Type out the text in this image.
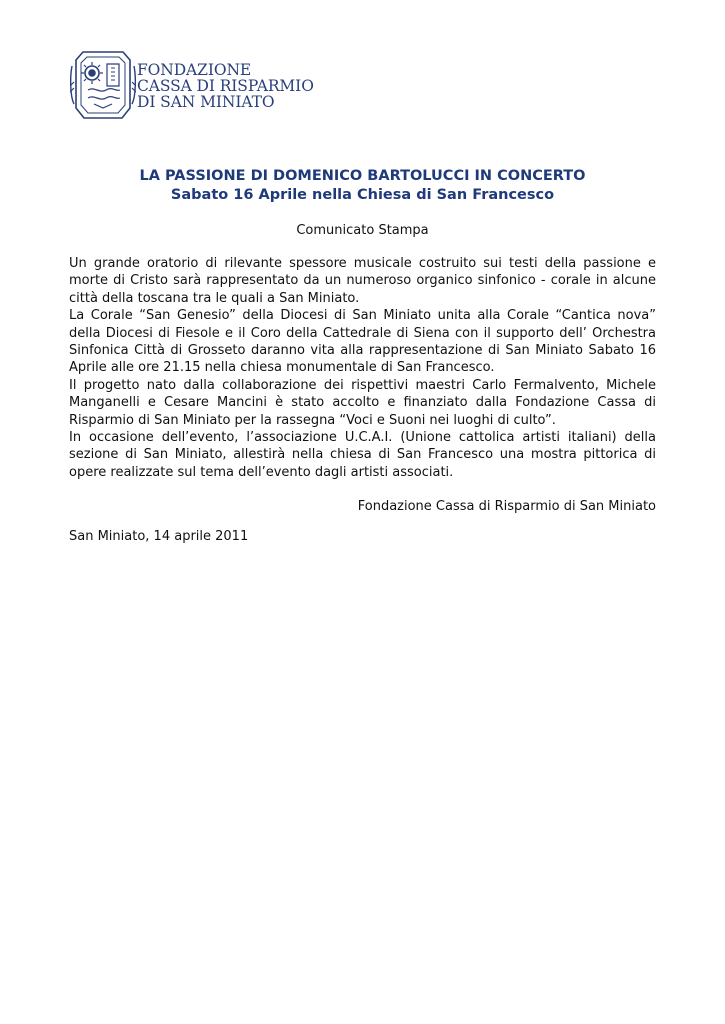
FONDAZIONE
CASSA DI RISPARMIO
DI SAN MINIATO
LA PASSIONE DI DOMENICO BARTOLUCCI IN CONCERTO
Sabato 16 Aprile nella Chiesa di San Francesco
Comunicato Stampa

Un grande oratorio di rilevante spessore musicale costruito sui testi della passione e morte di Cristo sarà rappresentato da un numeroso organico sinfonico - corale in alcune città della toscana tra le quali a San Miniato.

La Corale “San Genesio” della Diocesi di San Miniato unita alla Corale “Cantica nova” della Diocesi di Fiesole e il Coro della Cattedrale di Siena con il supporto dell’ Orchestra Sinfonica Città di Grosseto daranno vita alla rappresentazione di San Miniato Sabato 16 Aprile alle ore 21.15 nella chiesa monumentale di San Francesco.

Il progetto nato dalla collaborazione dei rispettivi maestri Carlo Fermalvento, Michele Manganelli e Cesare Mancini è stato accolto e finanziato dalla Fondazione Cassa di Risparmio di San Miniato per la rassegna “Voci e Suoni nei luoghi di culto”.

In occasione dell’evento, l’associazione U.C.A.I. (Unione cattolica artisti italiani) della sezione di San Miniato, allestirà nella chiesa di San Francesco una mostra pittorica di opere realizzate sul tema dell’evento dagli artisti associati.

Fondazione Cassa di Risparmio di San Miniato
San Miniato, 14 aprile 2011
